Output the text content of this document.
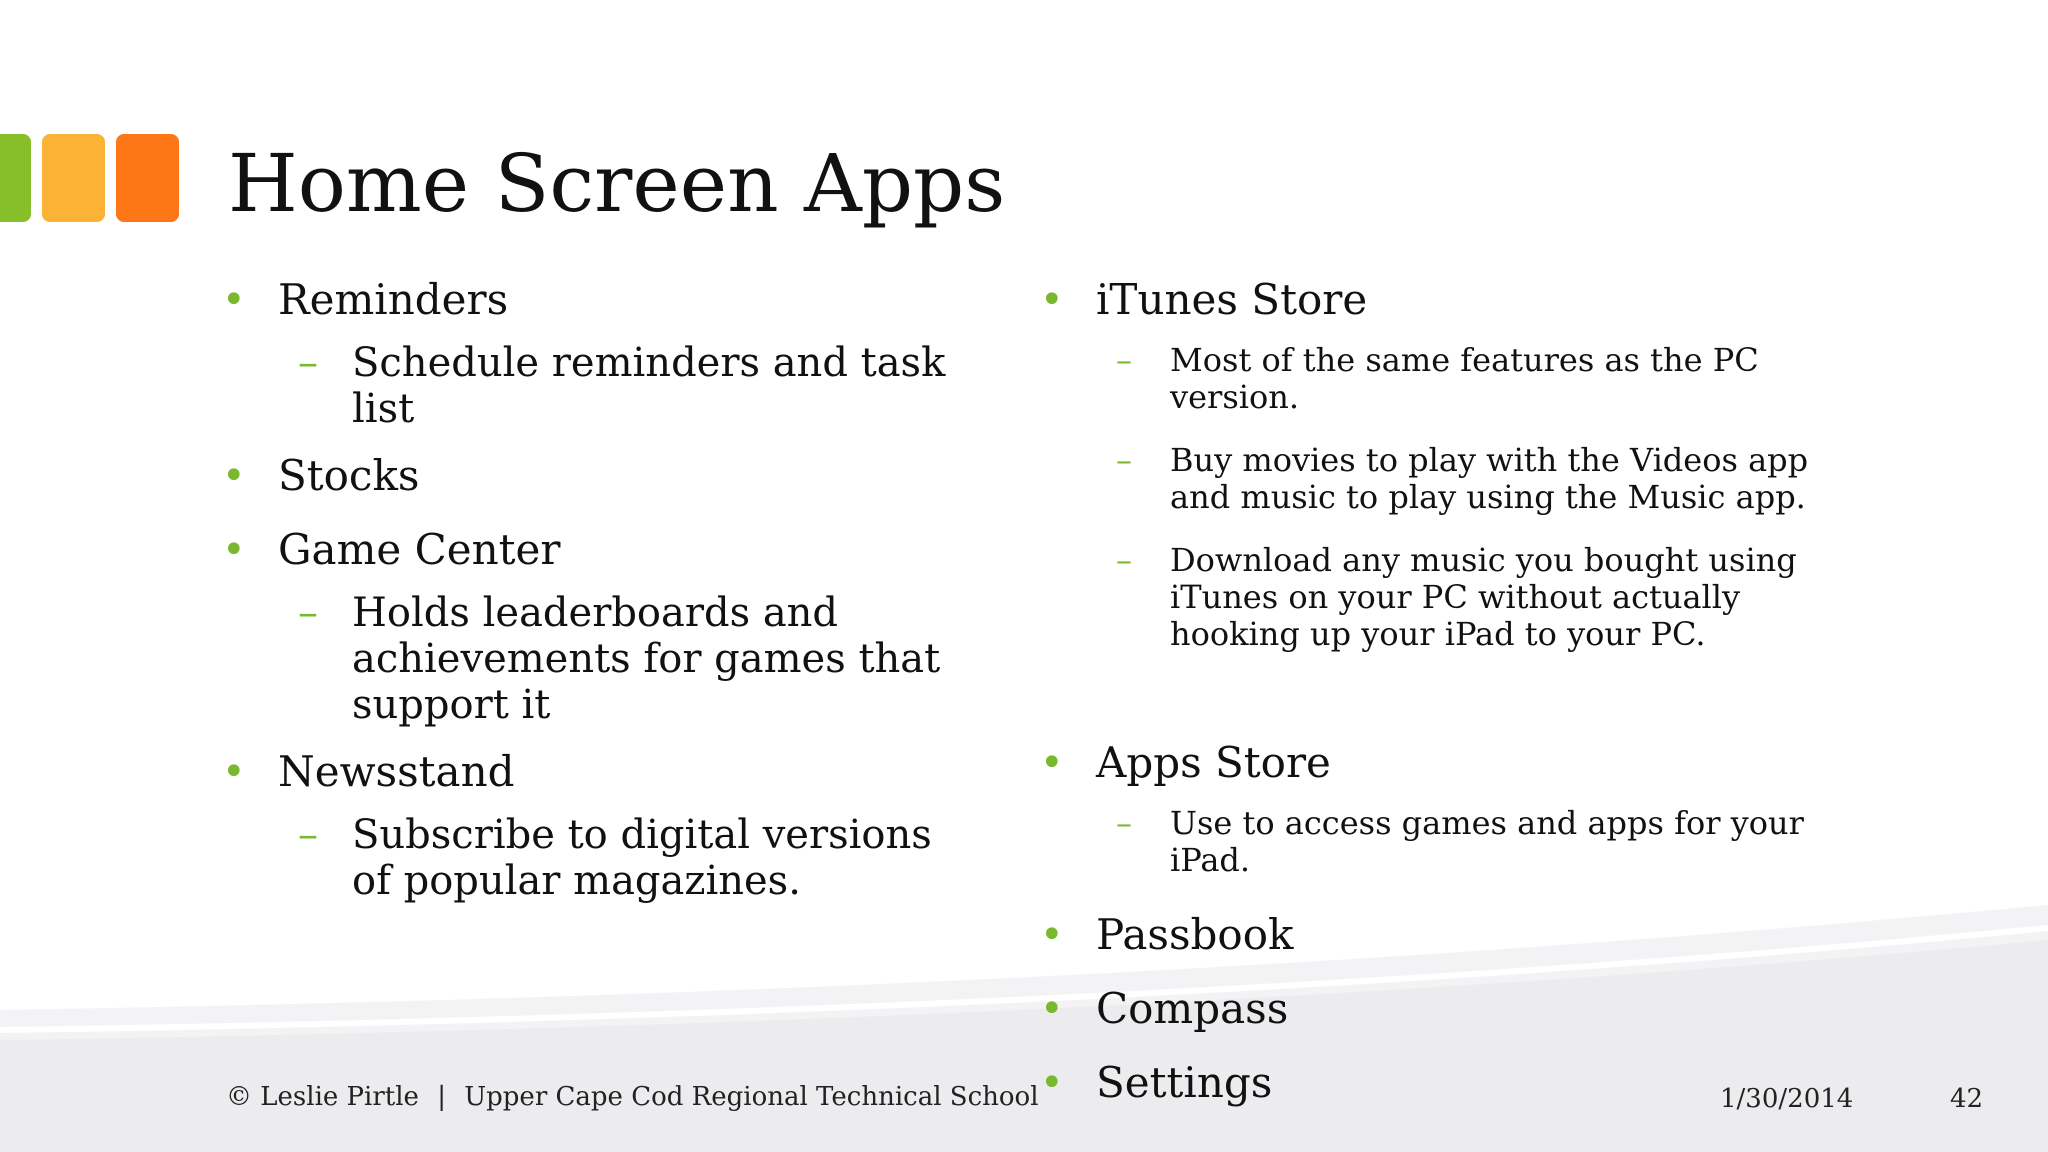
Home Screen Apps
• Reminders
– Schedule reminders and task list
• Stocks
• Game Center
– Holds leaderboards and achievements for games that support it
• Newsstand
– Subscribe to digital versions of popular magazines.
• iTunes Store
– Most of the same features as the PC version.
– Buy movies to play with the Videos app and music to play using the Music app.
– Download any music you bought using iTunes on your PC without actually hooking up your iPad to your PC.
• Apps Store
– Use to access games and apps for your iPad.
• Passbook
• Compass
• Settings
© Leslie Pirtle | Upper Cape Cod Regional Technical School	1/30/2014	42
